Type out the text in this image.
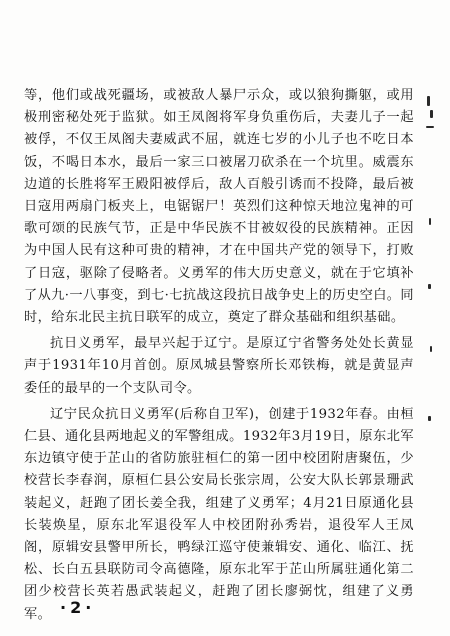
等，他们或战死疆场，或被敌人暴尸示众，或以狼狗撕躯，或用极刑密秘处死于监狱。如王凤阁将军身负重伤后，夫妻儿子一起被俘，不仅王凤阁夫妻威武不屈，就连七岁的小儿子也不吃日本饭，不喝日本水，最后一家三口被屠刀砍杀在一个坑里。威震东边道的长胜将军王殿阳被俘后，敌人百般引诱而不投降，最后被日寇用两扇门板夹上，电锯锯尸！英烈们这种惊天地泣鬼神的可歌可颂的民族气节，正是中华民族不甘被奴役的民族精神。正因为中国人民有这种可贵的精神，才在中国共产党的领导下，打败了日寇，驱除了侵略者。义勇军的伟大历史意义，就在于它填补了从九·一八事变，到七·七抗战这段抗日战争史上的历史空白。同时，给东北民主抗日联军的成立，奠定了群众基础和组织基础。

抗日义勇军，最早兴起于辽宁。是原辽宁省警务处处长黄显声于1931年10月首创。原凤城县警察所长邓铁梅，就是黄显声委任的最早的一个支队司令。

辽宁民众抗日义勇军(后称自卫军)，创建于1932年春。由桓仁县、通化县两地起义的军警组成。1932年3月19日，原东北军东边镇守使于芷山的省防旅驻桓仁的第一团中校团附唐聚伍，少校营长李春润，原桓仁县公安局长张宗周，公安大队长郭景珊武装起义，赶跑了团长姜全我，组建了义勇军；4月21日原通化县长装焕星，原东北军退役军人中校团附孙秀岩，退役军人王凤阁，原辑安县警甲所长，鸭绿江巡守使兼辑安、通化、临江、抚松、长白五县联防司令高德隆，原东北军于芷山所属驻通化第二团少校营长英若愚武装起义，赶跑了团长廖弼忱，组建了义勇军。 ·2·
